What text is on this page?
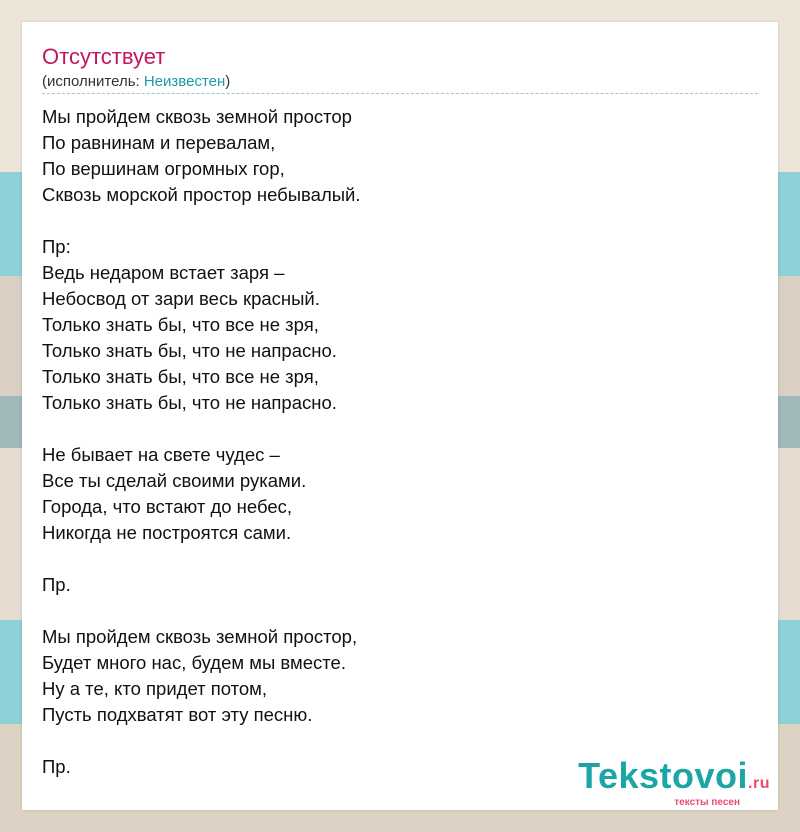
Отсутствует
(исполнитель: Неизвестен)
Мы пройдем сквозь земной простор
По равнинам и перевалам,
По вершинам огромных гор,
Сквозь морской простор небывалый.
Пр:
Ведь недаром встает заря –
Небосвод от зари весь красный.
Только знать бы, что все не зря,
Только знать бы, что не напрасно.
Только знать бы, что все не зря,
Только знать бы, что не напрасно.
Не бывает на свете чудес –
Все ты сделай своими руками.
Города, что встают до небес,
Никогда не построятся сами.
Пр.
Мы пройдем сквозь земной простор,
Будет много нас, будем мы вместе.
Ну а те, кто придет потом,
Пусть подхватят вот эту песню.
Пр.	Tekstovoi.ru
тексты песен
